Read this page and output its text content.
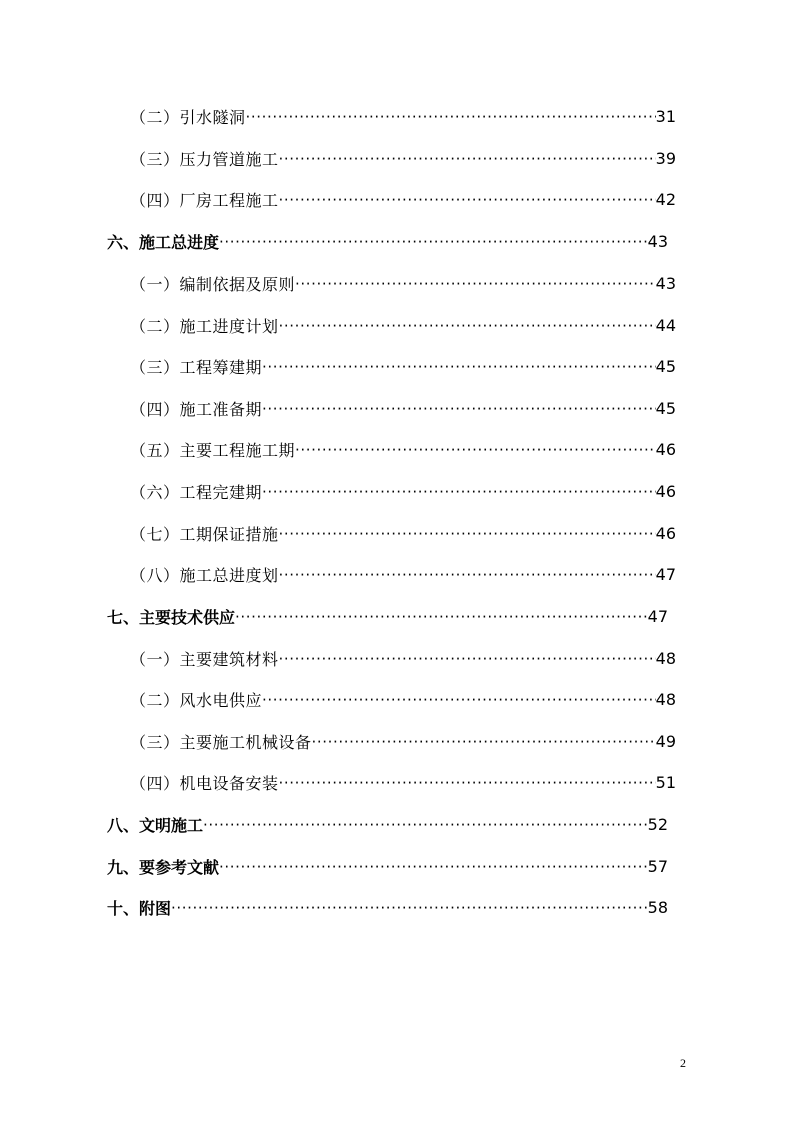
（二）引水隧洞 ·····	31
（三）压力管道施工 ·····	39
（四）厂房工程施工 ·····	42
六、施工总进度 ·····	43
（一）编制依据及原则 ·····	43
（二）施工进度计划 ·····	44
（三）工程筹建期 ·····	45
（四）施工准备期 ·····	45
（五）主要工程施工期 ·····	46
（六）工程完建期 ·····	46
（七）工期保证措施 ·····	46
（八）施工总进度划 ·····	47
七、主要技术供应 ·····	47
（一）主要建筑材料 ·····	48
（二）风水电供应 ·····	48
（三）主要施工机械设备 ·····	49
（四）机电设备安装 ·····	51
八、文明施工 ·····	52
九、要参考文献 ·····	57
十、附图 ·····	58
2
